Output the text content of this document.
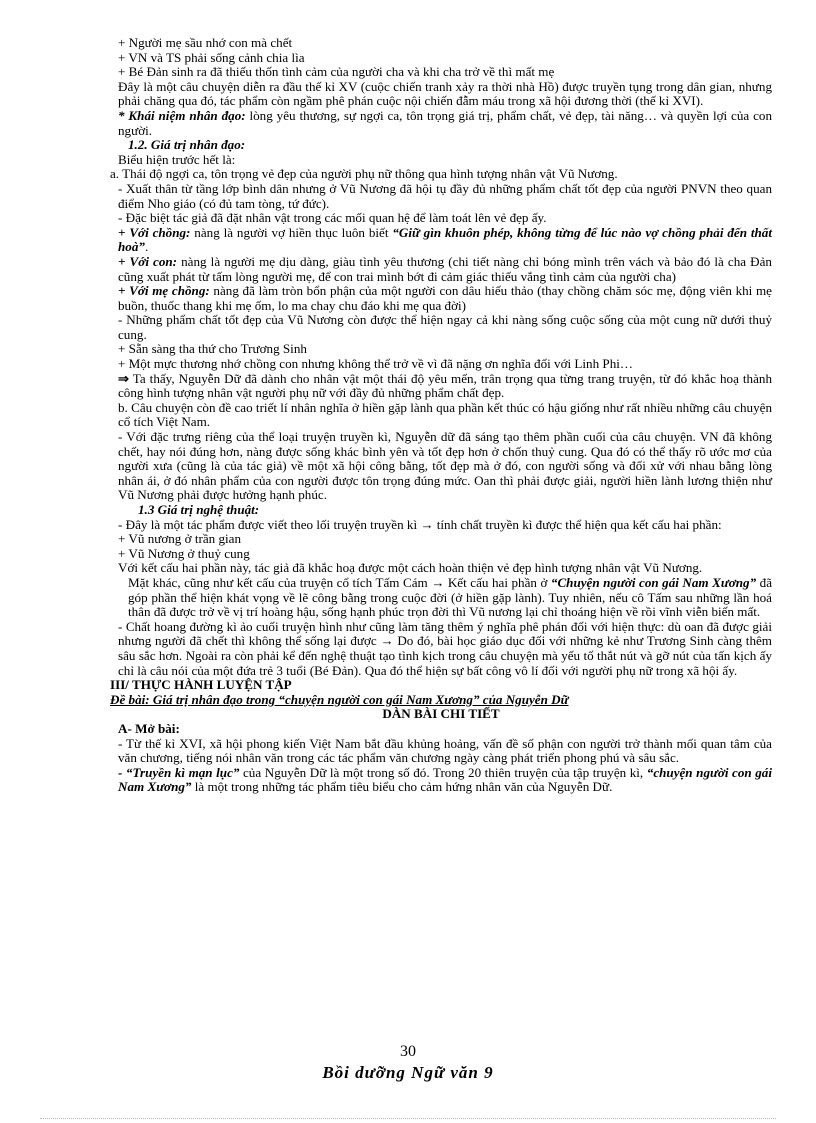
+ Người mẹ sầu nhớ con mà chết

+ VN và TS phải sống cảnh chia lìa

+ Bé Đản sinh ra đã thiếu thốn tình cảm của người cha và khi cha trở về thì mất mẹ

Đây là một câu chuyện diễn ra đầu thế kỉ XV (cuộc chiến tranh xảy ra thời nhà Hồ) được truyền tụng trong dân gian, nhưng phải chăng qua đó, tác phẩm còn ngầm phê phán cuộc nội chiến đẫm máu trong xã hội đương thời (thế kỉ XVI).

* Khái niệm nhân đạo: lòng yêu thương, sự ngợi ca, tôn trọng giá trị, phẩm chất, vẻ đẹp, tài năng… và quyền lợi của con người.

1.2. Giá trị nhân đạo:

Biểu hiện trước hết là:

a. Thái độ ngợi ca, tôn trọng vẻ đẹp của người phụ nữ thông qua hình tượng nhân vật Vũ Nương.

- Xuất thân từ tầng lớp bình dân nhưng ở Vũ Nương đã hội tụ đầy đủ những phẩm chất tốt đẹp của người PNVN theo quan điểm Nho giáo (có đủ tam tòng, tứ đức).

- Đặc biệt tác giả đã đặt nhân vật trong các mối quan hệ để làm toát lên vẻ đẹp ấy.

+ Với chồng: nàng là người vợ hiền thục luôn biết “Giữ gìn khuôn phép, không từng để lúc nào vợ chồng phải đến thất hoà”.

+ Với con: nàng là người mẹ dịu dàng, giàu tình yêu thương (chi tiết nàng chỉ bóng mình trên vách và bảo đó là cha Đản cũng xuất phát từ tấm lòng người mẹ, để con trai mình bớt đi cảm giác thiếu vắng tình cảm của người cha)

+ Với mẹ chồng: nàng đã làm tròn bổn phận của một người con dâu hiếu thảo (thay chồng chăm sóc mẹ, động viên khi mẹ buồn, thuốc thang khi mẹ ốm, lo ma chay chu đáo khi mẹ qua đời)

- Những phẩm chất tốt đẹp của Vũ Nương còn được thể hiện ngay cả khi nàng sống cuộc sống của một cung nữ dưới thuỷ cung.

+ Sẵn sàng tha thứ cho Trương Sinh

+ Một mực thương nhớ chồng con nhưng không thể trở về vì đã nặng ơn nghĩa đối với Linh Phi…

⇒ Ta thấy, Nguyễn Dữ đã dành cho nhân vật một thái độ yêu mến, trân trọng qua từng trang truyện, từ đó khắc hoạ thành công hình tượng nhân vật người phụ nữ với đầy đủ những phẩm chất đẹp.

b. Câu chuyện còn đề cao triết lí nhân nghĩa ở hiền gặp lành qua phần kết thúc có hậu giống như rất nhiều những câu chuyện cổ tích Việt Nam.

- Với đặc trưng riêng của thể loại truyện truyền kì, Nguyễn dữ đã sáng tạo thêm phần cuối của câu chuyện. VN đã không chết, hay nói đúng hơn, nàng được sống khác bình yên và tốt đẹp hơn ở chốn thuỷ cung. Qua đó có thể thấy rõ ước mơ của người xưa (cũng là của tác giả) về một xã hội công bằng, tốt đẹp mà ở đó, con người sống và đối xử với nhau bằng lòng nhân ái, ở đó nhân phẩm của con người được tôn trọng đúng mức. Oan thì phải được giải, người hiền lành lương thiện như Vũ Nương phải được hưởng hạnh phúc.

1.3 Giá trị nghệ thuật:

- Đây là một tác phẩm được viết theo lối truyện truyền kì → tính chất truyền kì được thể hiện qua kết cấu hai phần:

+ Vũ nương ở trần gian

+ Vũ Nương ở thuỷ cung

Với kết cấu hai phần này, tác giả đã khắc hoạ được một cách hoàn thiện vẻ đẹp hình tượng nhân vật Vũ Nương.

Mặt khác, cũng như kết cấu của truyện cổ tích Tấm Cám → Kết cấu hai phần ở “Chuyện người con gái Nam Xương” đã góp phần thể hiện khát vọng về lẽ công bằng trong cuộc đời (ở hiền gặp lành). Tuy nhiên, nếu cô Tấm sau những lần hoá thân đã được trở về vị trí hoàng hậu, sống hạnh phúc trọn đời thì Vũ nương lại chỉ thoáng hiện về rồi vĩnh viễn biến mất.

- Chất hoang đường kì ảo cuối truyện hình như cũng làm tăng thêm ý nghĩa phê phán đối với hiện thực: dù oan đã được giải nhưng người đã chết thì không thể sống lại được → Do đó, bài học giáo dục đối với những kẻ như Trương Sinh càng thêm sâu sắc hơn. Ngoài ra còn phải kể đến nghệ thuật tạo tình kịch trong câu chuyện mà yếu tố thắt nút và gỡ nút của tấn kịch ấy chỉ là câu nói của một đứa trẻ 3 tuổi (Bé Đản). Qua đó thể hiện sự bất công vô lí đối với người phụ nữ trong xã hội ấy.

III/ THỰC HÀNH LUYỆN TẬP

Đề bài: Giá trị nhân đạo trong “chuyện người con gái Nam Xương” của Nguyễn Dữ

DÀN BÀI CHI TIẾT

A- Mở bài:

- Từ thế kỉ XVI, xã hội phong kiến Việt Nam bắt đầu khủng hoảng, vấn đề số phận con người trở thành mối quan tâm của văn chương, tiếng nói nhân văn trong các tác phẩm văn chương ngày càng phát triển phong phú và sâu sắc.

- “Truyền kì mạn lục” của Nguyễn Dữ là một trong số đó. Trong 20 thiên truyện của tập truyện kì, “chuyện người con gái Nam Xương” là một trong những tác phẩm tiêu biểu cho cảm hứng nhân văn của Nguyễn Dữ.

30
Bồi dưỡng Ngữ văn 9
